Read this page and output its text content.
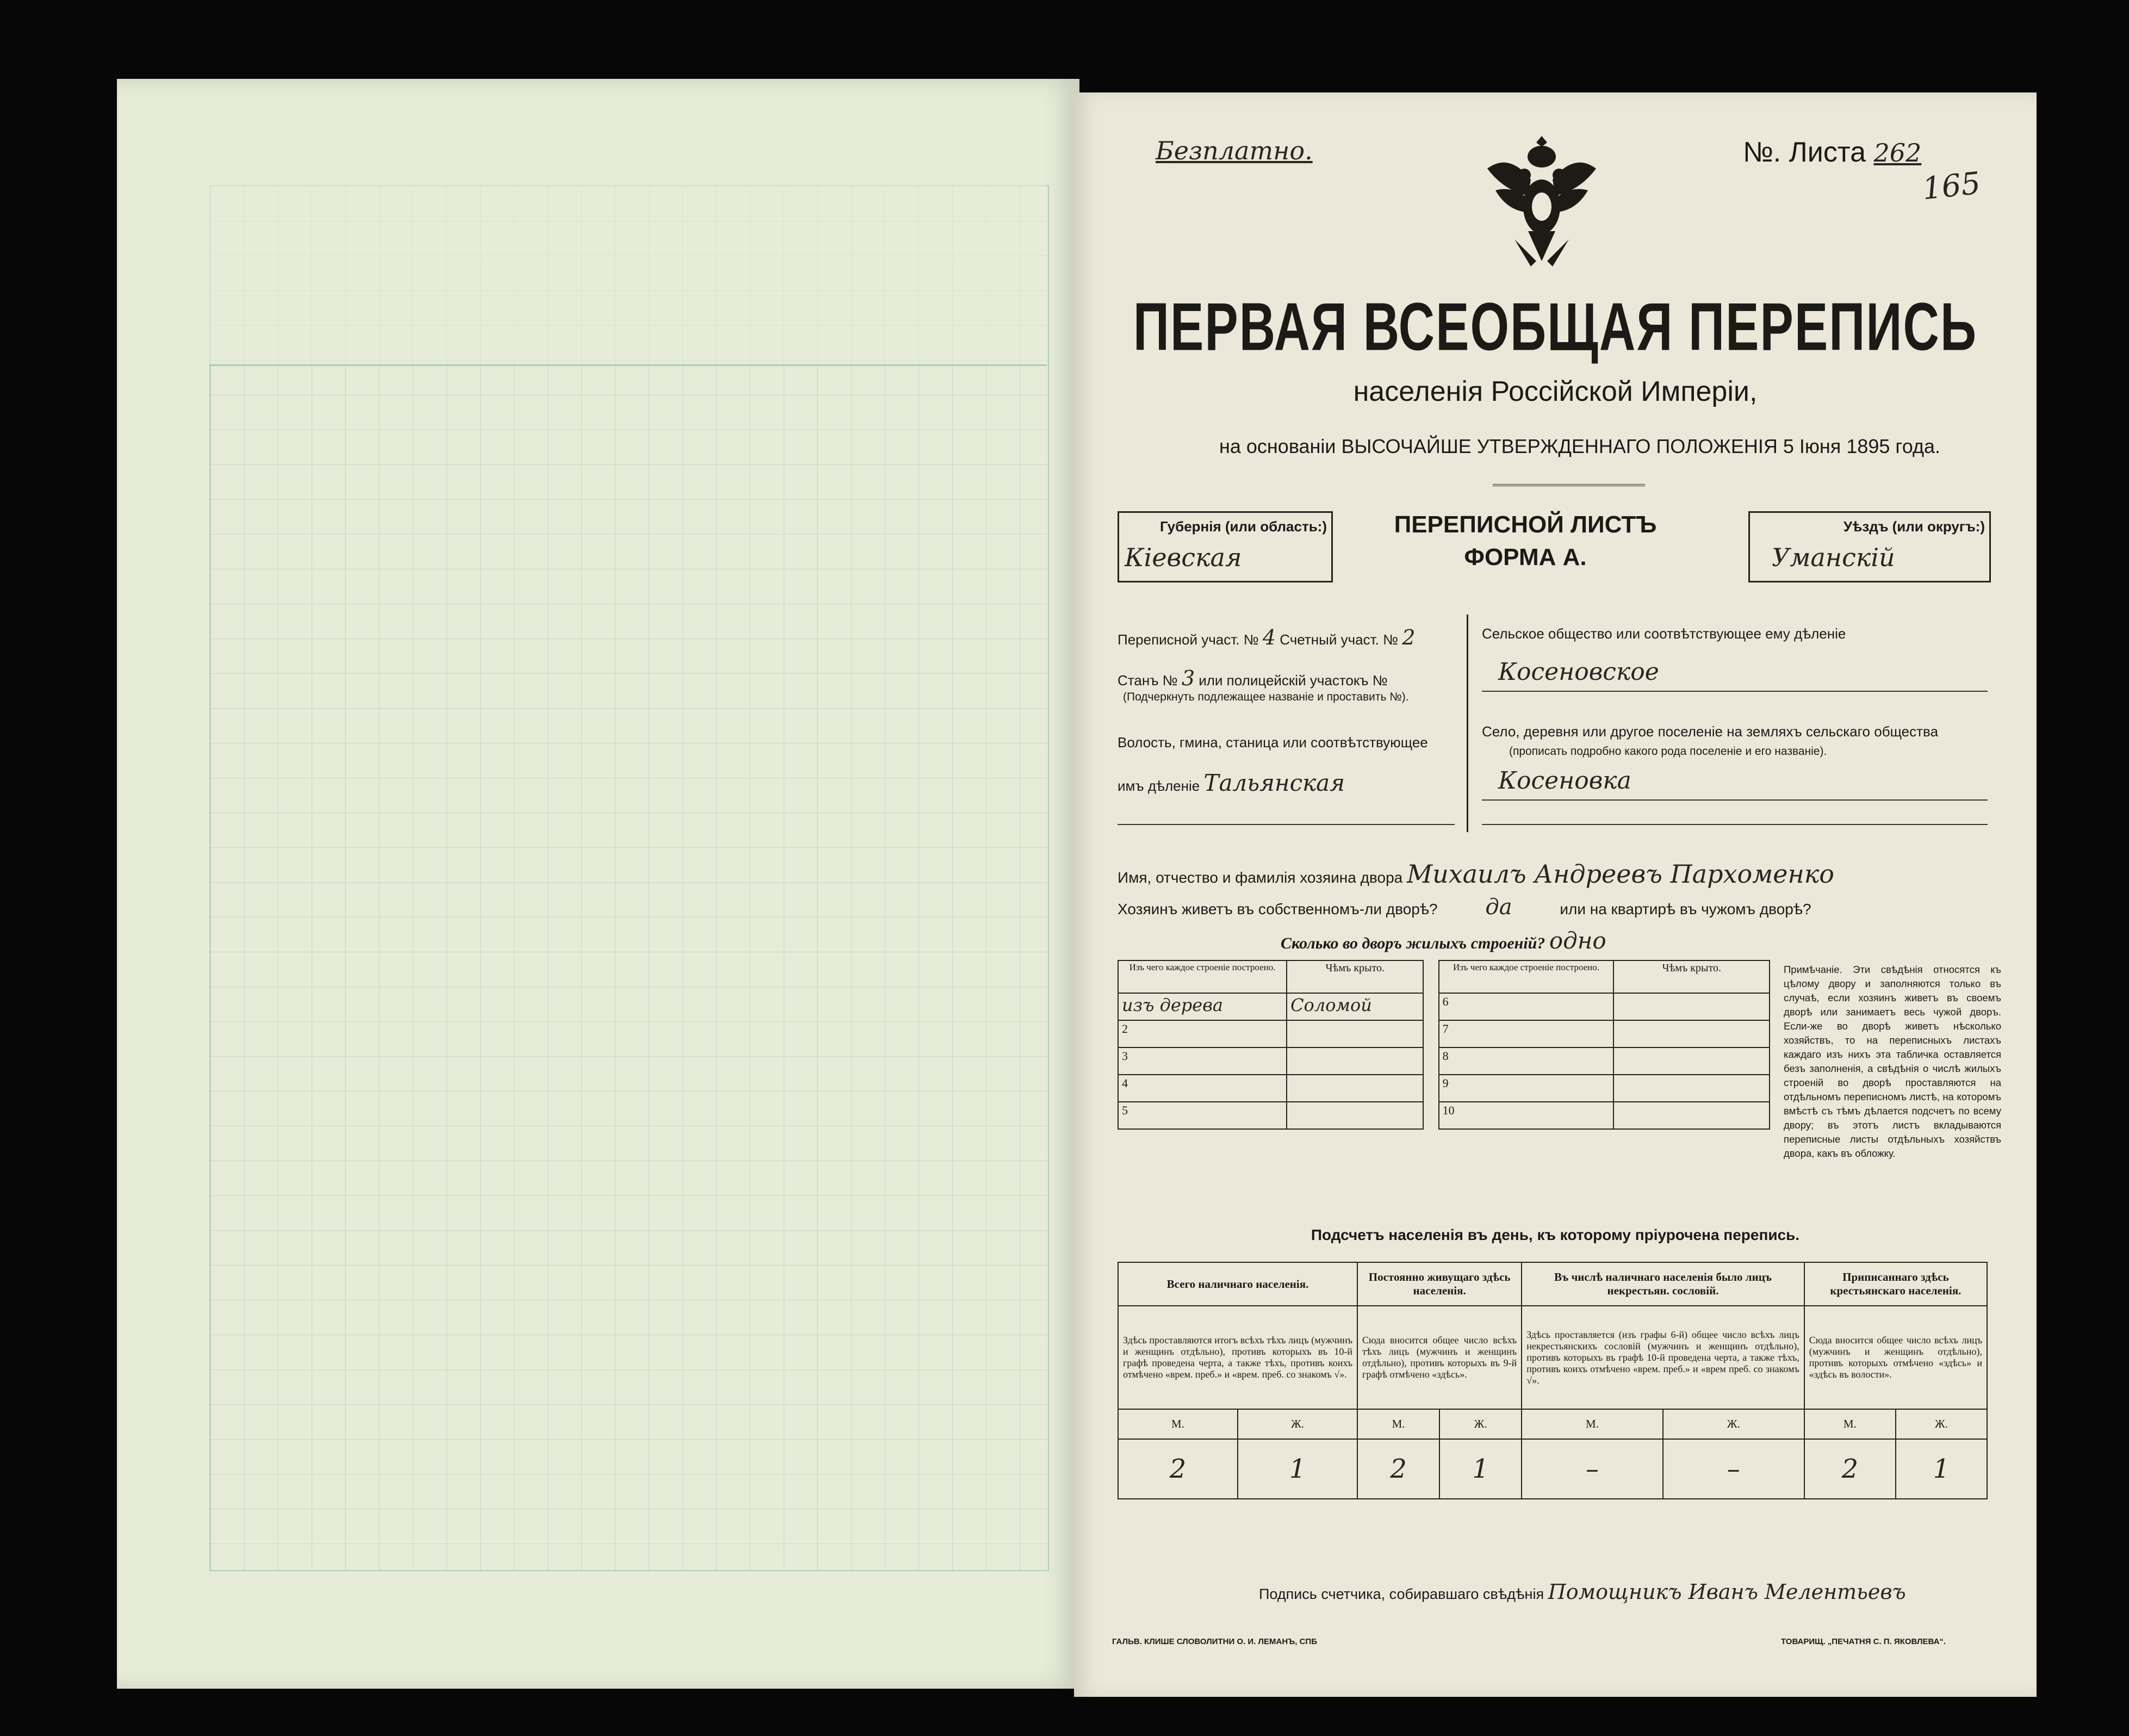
Безплатно.	№. Листа 262
165
ПЕРВАЯ ВСЕОБЩАЯ ПЕРЕПИСЬ
населенія Россійской Имперіи,
на основаніи ВЫСОЧАЙШЕ УТВЕРЖДЕННАГО ПОЛОЖЕНІЯ 5 Іюня 1895 года.
Губернія (или область:)
Кіевская
ПЕРЕПИСНОЙ ЛИСТЪ
ФОРМА А.
Уѣздъ (или округъ:)
Уманскій
Переписной участ. № 4 Счетный участ. № 2
Станъ № 3 или полицейскій участокъ №
(Подчеркнуть подлежащее названіе и проставить №).
Волость, гмина, станица или соотвѣтствующее
имъ дѣленіе Тальянская
Сельское общество или соотвѣтствующее ему дѣленіе
Косеновское
Село, деревня или другое поселеніе на земляхъ сельскаго общества
(прописать подробно какого рода поселеніе и его названіе).
Косеновка
Имя, отчество и фамилія хозяина двора Михаилъ Андреевъ Пархоменко
Хозяинъ живетъ въ собственномъ-ли дворѣ? да	или на квартирѣ въ чужомъ дворѣ?
Сколько во дворъ жилыхъ строеній? одно
Изъ чего каждое строеніе построено.	Чѣмъ крыто.		Изъ чего каждое строеніе построено.	Чѣмъ крыто.
изъ дерева	Соломой		6	
2			7	
3			8	
4			9	
5			10	
Примѣчаніе. Эти свѣдѣнія относятся къ цѣлому двору и заполняются только въ случаѣ, если хозяинъ живетъ въ своемъ дворѣ или занимаетъ весь чужой дворъ. Если-же во дворѣ живетъ нѣсколько хозяйствъ, то на переписныхъ листахъ каждаго изъ нихъ эта табличка оставляется безъ заполненія, а свѣдѣнія о числѣ жилыхъ строеній во дворѣ проставляются на отдѣльномъ переписномъ листѣ, на которомъ вмѣстѣ съ тѣмъ дѣлается подсчетъ по всему двору; въ этотъ листъ вкладываются переписные листы отдѣльныхъ хозяйствъ двора, какъ въ обложку.
Подсчетъ населенія въ день, къ которому пріурочена перепись.
Всего наличнаго населенія.		Постоянно живущаго здѣсь населенія.		Въ числѣ наличнаго населенія было лицъ некрестьян. сословій.		Приписаннаго здѣсь крестьянскаго населенія.	
Здѣсь проставляются итогъ всѣхъ тѣхъ лицъ (мужчинъ и женщинъ отдѣльно), противъ которыхъ въ 10-й графѣ проведена черта, а также тѣхъ, противъ коихъ отмѣчено «врем. преб.» и «врем. преб. со знакомъ √».		Сюда вносится общее число всѣхъ тѣхъ лицъ (мужчинъ и женщинъ отдѣльно), противъ которыхъ въ 9-й графѣ отмѣчено «здѣсь».		Здѣсь проставляется (изъ графы 6-й) общее число всѣхъ лицъ некрестьянскихъ сословій (мужчинъ и женщинъ отдѣльно), противъ которыхъ въ графѣ 10-й проведена черта, а также тѣхъ, противъ коихъ отмѣчено «врем. преб.» и «врем преб. со знакомъ √».		Сюда вносится общее число всѣхъ лицъ (мужчинъ и женщинъ отдѣльно), противъ которыхъ отмѣчено «здѣсь» и «здѣсь въ волости».	
М.	Ж.	М.	Ж.	М.	Ж.	М.	Ж.
2	1	2	1	–	–	2	1
Подпись счетчика, собиравшаго свѣдѣнія Помощникъ Иванъ Мелентьевъ
ГАЛЬВ. КЛИШЕ СЛОВОЛИТНИ О. И. ЛЕМАНЪ, СПБ	ТОВАРИЩ. „ПЕЧАТНЯ С. П. ЯКОВЛЕВА“.
